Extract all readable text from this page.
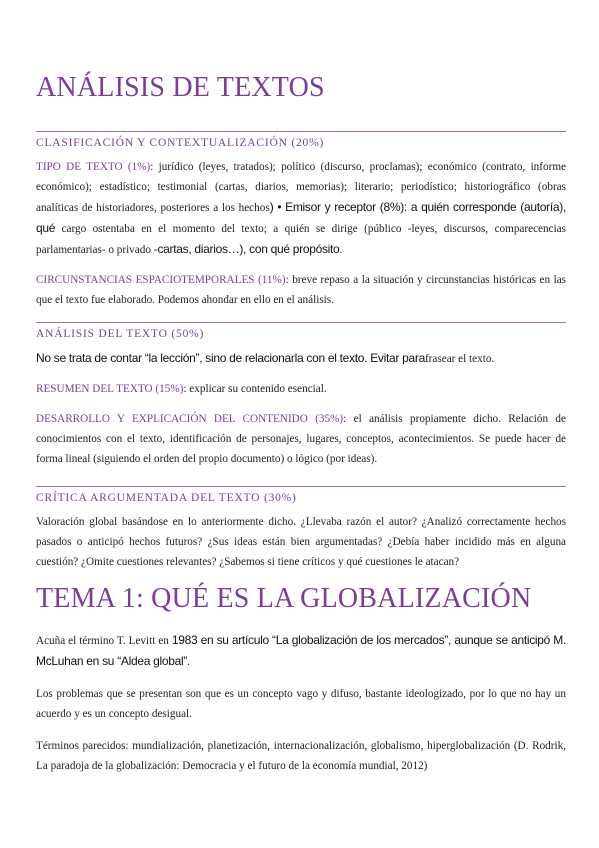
ANÁLISIS DE TEXTOS
CLASIFICACIÓN Y CONTEXTUALIZACIÓN (20%)

TIPO DE TEXTO (1%): jurídico (leyes, tratados); político (discurso, proclamas); económico (contrato, informe económico); estadístico; testimonial (cartas, diarios, memorias); literario; periodístico; historiográfico (obras analíticas de historiadores, posteriores a los hechos) • Emisor y receptor (8%): a quién corresponde (autoría), qué cargo ostentaba en el momento del texto; a quién se dirige (público -leyes, discursos, comparecencias parlamentarias- o privado -cartas, diarios…), con qué propósito.

CIRCUNSTANCIAS ESPACIOTEMPORALES (11%): breve repaso a la situación y circunstancias históricas en las que el texto fue elaborado. Podemos ahondar en ello en el análisis.

ANÁLISIS DEL TEXTO (50%)

No se trata de contar “la lección”, sino de relacionarla con el texto. Evitar parafrasear el texto.

RESUMEN DEL TEXTO (15%): explicar su contenido esencial.

DESARROLLO Y EXPLICACIÓN DEL CONTENIDO (35%): el análisis propiamente dicho. Relación de conocimientos con el texto, identificación de personajes, lugares, conceptos, acontecimientos. Se puede hacer de forma lineal (siguiendo el orden del propio documento) o lógico (por ideas).

CRÍTICA ARGUMENTADA DEL TEXTO (30%)

Valoración global basándose en lo anteriormente dicho. ¿Llevaba razón el autor? ¿Analizó correctamente hechos pasados o anticipó hechos futuros? ¿Sus ideas están bien argumentadas? ¿Debía haber incidido más en alguna cuestión? ¿Omite cuestiones relevantes? ¿Sabemos si tiene críticos y qué cuestiones le atacan?

TEMA 1: QUÉ ES LA GLOBALIZACIÓN

Acuña el término T. Levitt en 1983 en su artículo “La globalización de los mercados”, aunque se anticipó M. McLuhan en su “Aldea global”.

Los problemas que se presentan son que es un concepto vago y difuso, bastante ideologizado, por lo que no hay un acuerdo y es un concepto desigual.

Términos parecidos: mundialización, planetización, internacionalización, globalismo, hiperglobalización (D. Rodrik, La paradoja de la globalización: Democracia y el futuro de la economía mundial, 2012)
